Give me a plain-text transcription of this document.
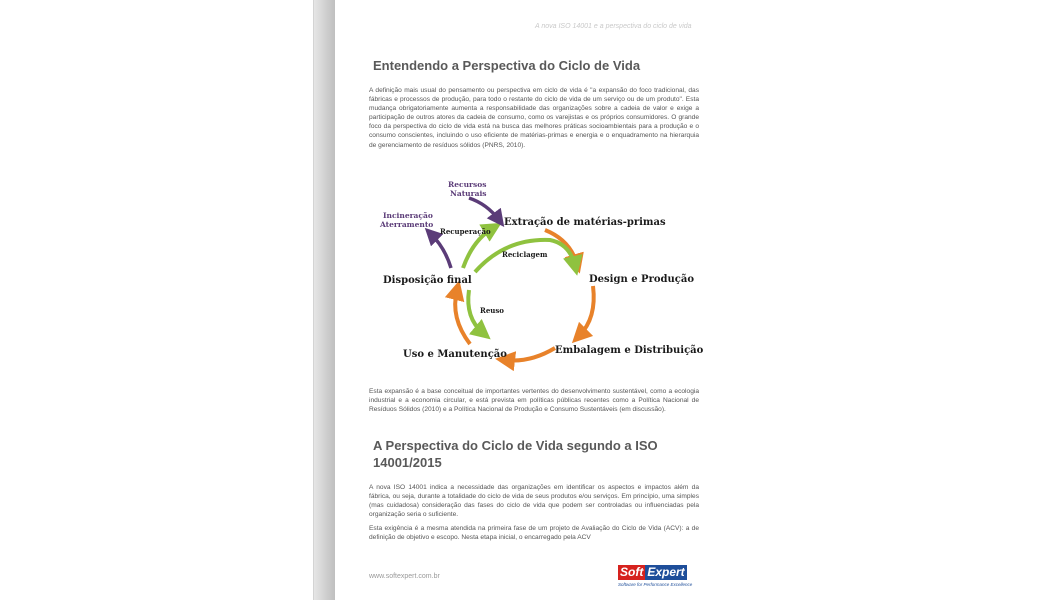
A nova ISO 14001 e a perspectiva do ciclo de vida
Entendendo a Perspectiva do Ciclo de Vida

A definição mais usual do pensamento ou perspectiva em ciclo de vida é "a expansão do foco tradicional, das fábricas e processos de produção, para todo o restante do ciclo de vida de um serviço ou de um produto". Esta mudança obrigatoriamente aumenta a responsabilidade das organizações sobre a cadeia de valor e exige a participação de outros atores da cadeia de consumo, como os varejistas e os próprios consumidores. O grande foco da perspectiva do ciclo de vida está na busca das melhores práticas socioambientais para a produção e o consumo conscientes, incluindo o uso eficiente de matérias-primas e energia e o enquadramento na hierarquia de gerenciamento de resíduos sólidos (PNRS, 2010).

Recursos
Naturais
Incineração
Aterramento	Extração de matérias-primas
Design e Produção
Embalagem e Distribuição
Uso e Manutenção
Disposição final
Recuperação
Reciclagem
Reuso

Esta expansão é a base conceitual de importantes vertentes do desenvolvimento sustentável, como a ecologia industrial e a economia circular, e está prevista em políticas públicas recentes como a Política Nacional de Resíduos Sólidos (2010) e a Política Nacional de Produção e Consumo Sustentáveis (em discussão).

A Perspectiva do Ciclo de Vida segundo a ISO 14001/2015

A nova ISO 14001 indica a necessidade das organizações em identificar os aspectos e impactos além da fábrica, ou seja, durante a totalidade do ciclo de vida de seus produtos e/ou serviços. Em princípio, uma simples (mas cuidadosa) consideração das fases do ciclo de vida que podem ser controladas ou influenciadas pela organização seria o suficiente.

Esta exigência é a mesma atendida na primeira fase de um projeto de Avaliação do Ciclo de Vida (ACV): a de definição de objetivo e escopo. Nesta etapa inicial, o encarregado pela ACV

www.softexpert.com.br	Soft Expert
Software for Performance Excellence
